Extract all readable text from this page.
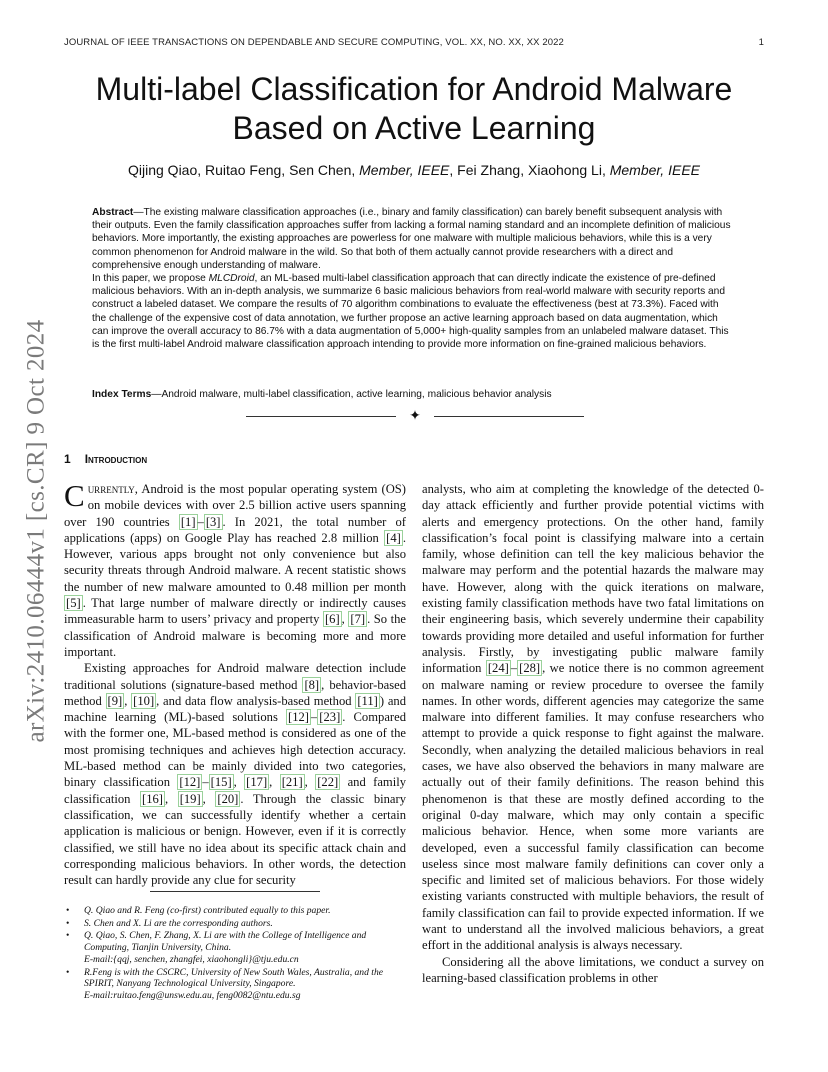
JOURNAL OF IEEE TRANSACTIONS ON DEPENDABLE AND SECURE COMPUTING, VOL. XX, NO. XX, XX 2022	1
arXiv:2410.06444v1 [cs.CR] 9 Oct 2024
Multi-label Classification for Android Malware
Based on Active Learning
Qijing Qiao, Ruitao Feng, Sen Chen, Member, IEEE, Fei Zhang, Xiaohong Li, Member, IEEE

Abstract—The existing malware classification approaches (i.e., binary and family classification) can barely benefit subsequent analysis with their outputs. Even the family classification approaches suffer from lacking a formal naming standard and an incomplete definition of malicious behaviors. More importantly, the existing approaches are powerless for one malware with multiple malicious behaviors, while this is a very common phenomenon for Android malware in the wild. So that both of them actually cannot provide researchers with a direct and comprehensive enough understanding of malware.

In this paper, we propose MLCDroid, an ML-based multi-label classification approach that can directly indicate the existence of pre-defined malicious behaviors. With an in-depth analysis, we summarize 6 basic malicious behaviors from real-world malware with security reports and construct a labeled dataset. We compare the results of 70 algorithm combinations to evaluate the effectiveness (best at 73.3%). Faced with the challenge of the expensive cost of data annotation, we further propose an active learning approach based on data augmentation, which can improve the overall accuracy to 86.7% with a data augmentation of 5,000+ high-quality samples from an unlabeled malware dataset. This is the first multi-label Android malware classification approach intending to provide more information on fine-grained malicious behaviors.

Index Terms—Android malware, multi-label classification, active learning, malicious behavior analysis
✦
1 Introduction

Currently, Android is the most popular operating system (OS) on mobile devices with over 2.5 billion active users spanning over 190 countries [1] – [3] . In 2021, the total number of applications (apps) on Google Play has reached 2.8 million [4] . However, various apps brought not only convenience but also security threats through Android malware. A recent statistic shows the number of new malware amounted to 0.48 million per month [5] . That large number of malware directly or indirectly causes immeasurable harm to users’ privacy and property [6] , [7] . So the classification of Android malware is becoming more and more important.

Existing approaches for Android malware detection include traditional solutions (signature-based method [8] , behavior-based method [9] , [10] , and data flow analysis-based method [11] ) and machine learning (ML)-based solutions [12] – [23] . Compared with the former one, ML-based method is considered as one of the most promising techniques and achieves high detection accuracy. ML-based method can be mainly divided into two categories, binary classification [12] – [15] , [17] , [21] , [22] and family classification [16] , [19] , [20] . Through the classic binary classification, we can successfully identify whether a certain application is malicious or benign. However, even if it is correctly classified, we still have no idea about its specific attack chain and corresponding malicious behaviors. In other words, the detection result can hardly provide any clue for security

analysts, who aim at completing the knowledge of the detected 0-day attack efficiently and further provide potential victims with alerts and emergency protections. On the other hand, family classification’s focal point is classifying malware into a certain family, whose definition can tell the key malicious behavior the malware may perform and the potential hazards the malware may have. However, along with the quick iterations on malware, existing family classification methods have two fatal limitations on their engineering basis, which severely undermine their capability towards providing more detailed and useful information for further analysis. Firstly, by investigating public malware family information [24] – [28] , we notice there is no common agreement on malware naming or review procedure to oversee the family names. In other words, different agencies may categorize the same malware into different families. It may confuse researchers who attempt to provide a quick response to fight against the malware. Secondly, when analyzing the detailed malicious behaviors in real cases, we have also observed the behaviors in many malware are actually out of their family definitions. The reason behind this phenomenon is that these are mostly defined according to the original 0-day malware, which may only contain a specific malicious behavior. Hence, when some more variants are developed, even a successful family classification can become useless since most malware family definitions can cover only a specific and limited set of malicious behaviors. For those widely existing variants constructed with multiple behaviors, the result of family classification can fail to provide expected information. If we want to understand all the involved malicious behaviors, a great effort in the additional analysis is always necessary.

Considering all the above limitations, we conduct a survey on learning-based classification problems in other

• Q. Qiao and R. Feng (co-first) contributed equally to this paper.
• S. Chen and X. Li are the corresponding authors.
• Q. Qiao, S. Chen, F. Zhang, X. Li are with the College of Intelligence and Computing, Tianjin University, China.
E-mail:{qqj, senchen, zhangfei, xiaohongli}@tju.edu.cn
• R.Feng is with the CSCRC, University of New South Wales, Australia, and the SPIRIT, Nanyang Technological University, Singapore.
E-mail:ruitao.feng@unsw.edu.au, feng0082@ntu.edu.sg
